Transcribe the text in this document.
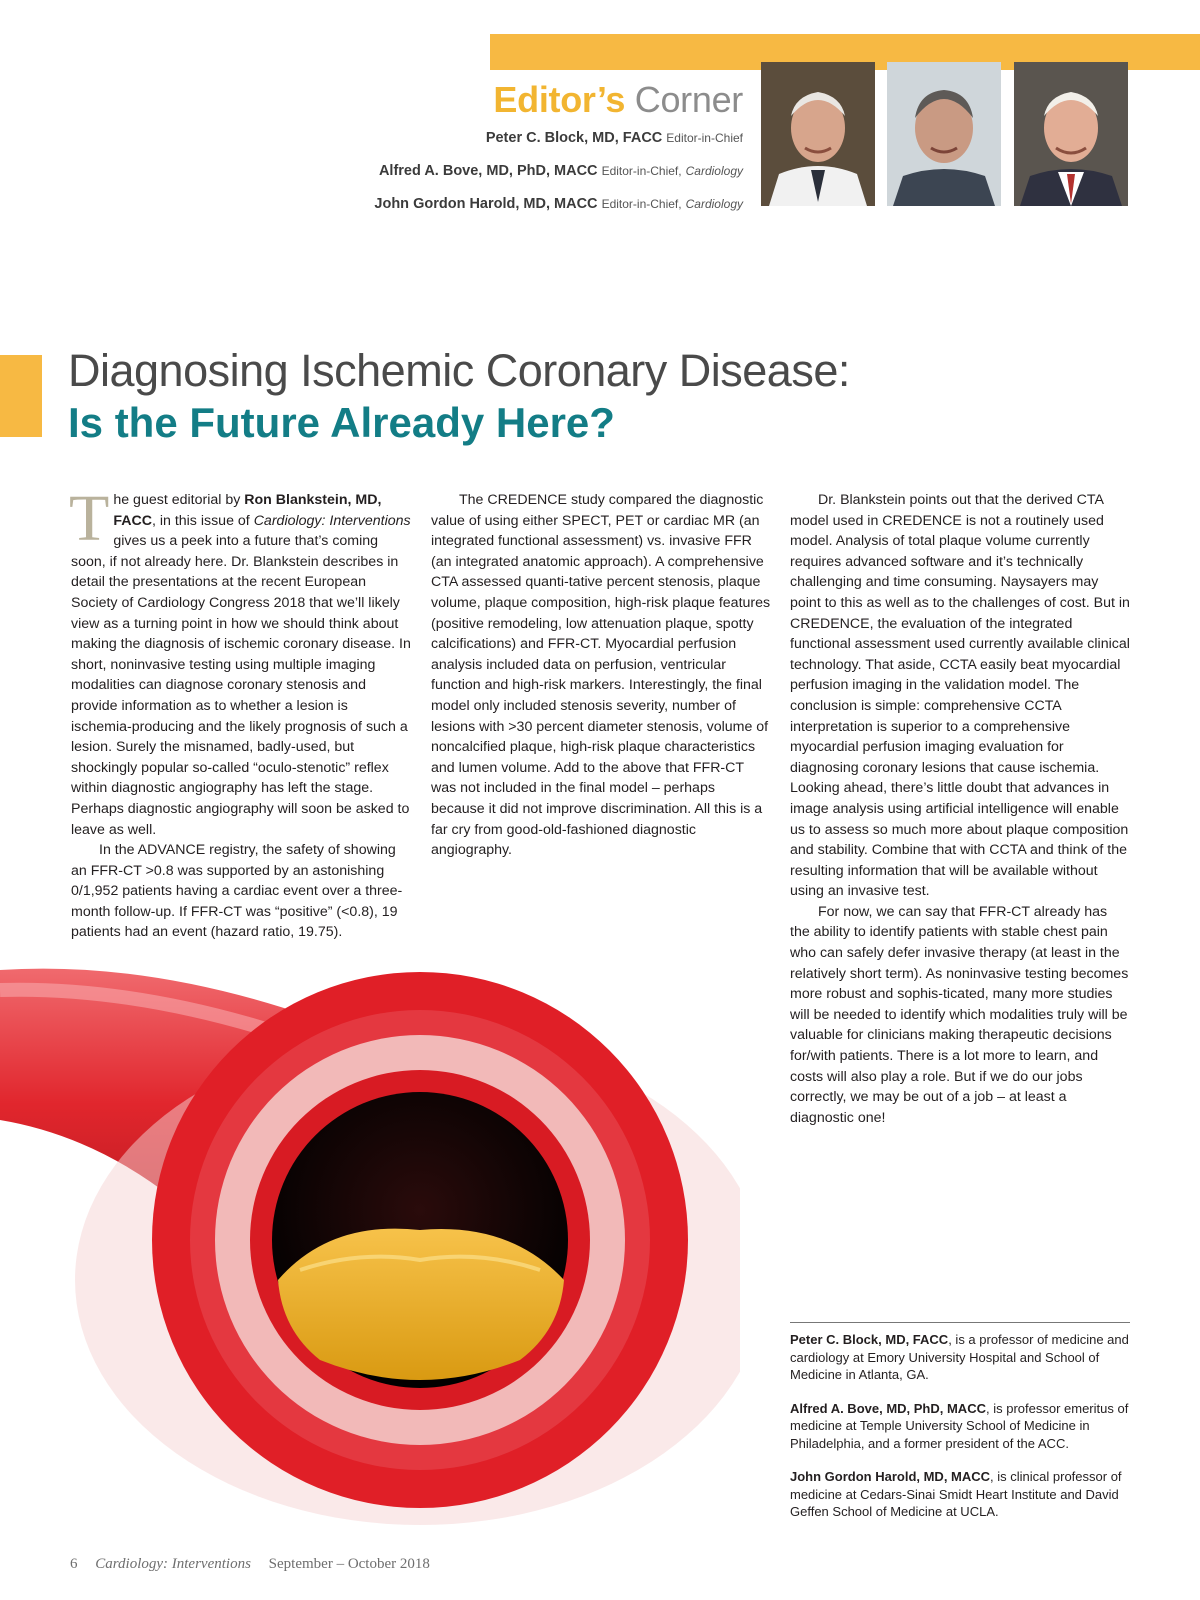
Editor’s Corner
Peter C. Block, MD, FACC Editor-in-Chief
Alfred A. Bove, MD, PhD, MACC Editor-in-Chief, Cardiology
John Gordon Harold, MD, MACC Editor-in-Chief, Cardiology
Diagnosing Ischemic Coronary Disease:
Is the Future Already Here?

The guest editorial by Ron Blankstein, MD, FACC, in this issue of Cardiology: Interventions gives us a peek into a future that’s coming soon, if not already here. Dr. Blankstein describes in detail the presentations at the recent European Society of Cardiology Congress 2018 that we’ll likely view as a turning point in how we should think about making the diagnosis of ischemic coronary disease. In short, noninvasive testing using multiple imaging modalities can diagnose coronary stenosis and provide information as to whether a lesion is ischemia-producing and the likely prognosis of such a lesion. Surely the misnamed, badly-used, but shockingly popular so-called “oculo-stenotic” reflex within diagnostic angiography has left the stage. Perhaps diagnostic angiography will soon be asked to leave as well.

In the ADVANCE registry, the safety of showing an FFR-CT >0.8 was supported by an astonishing 0/1,952 patients having a cardiac event over a three-month follow-up. If FFR-CT was “positive” (<0.8), 19 patients had an event (hazard ratio, 19.75).

The CREDENCE study compared the diagnostic value of using either SPECT, PET or cardiac MR (an integrated functional assessment) vs. invasive FFR (an integrated anatomic approach). A comprehensive CTA assessed quanti-tative percent stenosis, plaque volume, plaque composition, high-risk plaque features (positive remodeling, low attenuation plaque, spotty calcifications) and FFR-CT. Myocardial perfusion analysis included data on perfusion, ventricular function and high-risk markers. Interestingly, the final model only included stenosis severity, number of lesions with >30 percent diameter stenosis, volume of noncalcified plaque, high-risk plaque characteristics and lumen volume. Add to the above that FFR-CT was not included in the final model – perhaps because it did not improve discrimination. All this is a far cry from good-old-fashioned diagnostic angiography.

Dr. Blankstein points out that the derived CTA model used in CREDENCE is not a routinely used model. Analysis of total plaque volume currently requires advanced software and it’s technically challenging and time consuming. Naysayers may point to this as well as to the challenges of cost. But in CREDENCE, the evaluation of the integrated functional assessment used currently available clinical technology. That aside, CCTA easily beat myocardial perfusion imaging in the validation model. The conclusion is simple: comprehensive CCTA interpretation is superior to a comprehensive myocardial perfusion imaging evaluation for diagnosing coronary lesions that cause ischemia. Looking ahead, there’s little doubt that advances in image analysis using artificial intelligence will enable us to assess so much more about plaque composition and stability. Combine that with CCTA and think of the resulting information that will be available without using an invasive test.

For now, we can say that FFR-CT already has the ability to identify patients with stable chest pain who can safely defer invasive therapy (at least in the relatively short term). As noninvasive testing becomes more robust and sophis-ticated, many more studies will be needed to identify which modalities truly will be valuable for clinicians making therapeutic decisions for/with patients. There is a lot more to learn, and costs will also play a role. But if we do our jobs correctly, we may be out of a job – at least a diagnostic one!

Peter C. Block, MD, FACC, is a professor of medicine and cardiology at Emory University Hospital and School of Medicine in Atlanta, GA.

Alfred A. Bove, MD, PhD, MACC, is professor emeritus of medicine at Temple University School of Medicine in Philadelphia, and a former president of the ACC.

John Gordon Harold, MD, MACC, is clinical professor of medicine at Cedars-Sinai Smidt Heart Institute and David Geffen School of Medicine at UCLA.

6 Cardiology: Interventions September – October 2018
